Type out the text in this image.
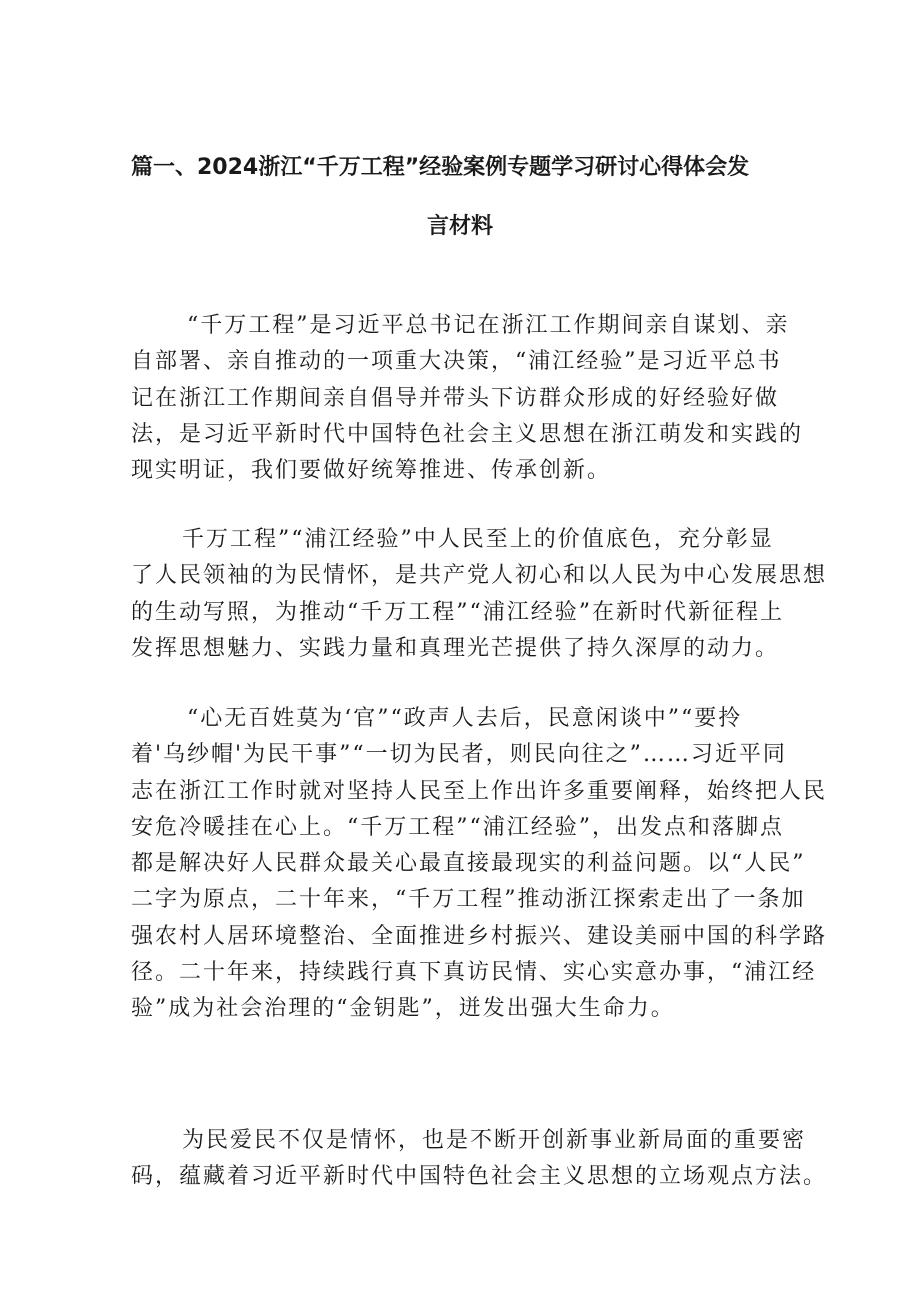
篇一、2024浙江“千万工程”经验案例专题学习研讨心得体会发
言材料
“千万工程”是习近平总书记在浙江工作期间亲自谋划、亲
自部署、亲自推动的一项重大决策，“浦江经验”是习近平总书
记在浙江工作期间亲自倡导并带头下访群众形成的好经验好做
法，是习近平新时代中国特色社会主义思想在浙江萌发和实践的
现实明证，我们要做好统筹推进、传承创新。
千万工程”“浦江经验”中人民至上的价值底色，充分彰显
了人民领袖的为民情怀，是共产党人初心和以人民为中心发展思想
的生动写照，为推动“千万工程”“浦江经验”在新时代新征程上
发挥思想魅力、实践力量和真理光芒提供了持久深厚的动力。
“心无百姓莫为‘官”“政声人去后，民意闲谈中”“要拎
着'乌纱帽'为民干事”“一切为民者，则民向往之”……习近平同
志在浙江工作时就对坚持人民至上作出许多重要阐释，始终把人民
安危冷暖挂在心上。“千万工程”“浦江经验”，出发点和落脚点
都是解决好人民群众最关心最直接最现实的利益问题。以“人民”
二字为原点，二十年来，“千万工程”推动浙江探索走出了一条加
强农村人居环境整治、全面推进乡村振兴、建设美丽中国的科学路
径。二十年来，持续践行真下真访民情、实心实意办事，“浦江经
验”成为社会治理的“金钥匙”，迸发出强大生命力。
为民爱民不仅是情怀，也是不断开创新事业新局面的重要密
码，蕴藏着习近平新时代中国特色社会主义思想的立场观点方法。
